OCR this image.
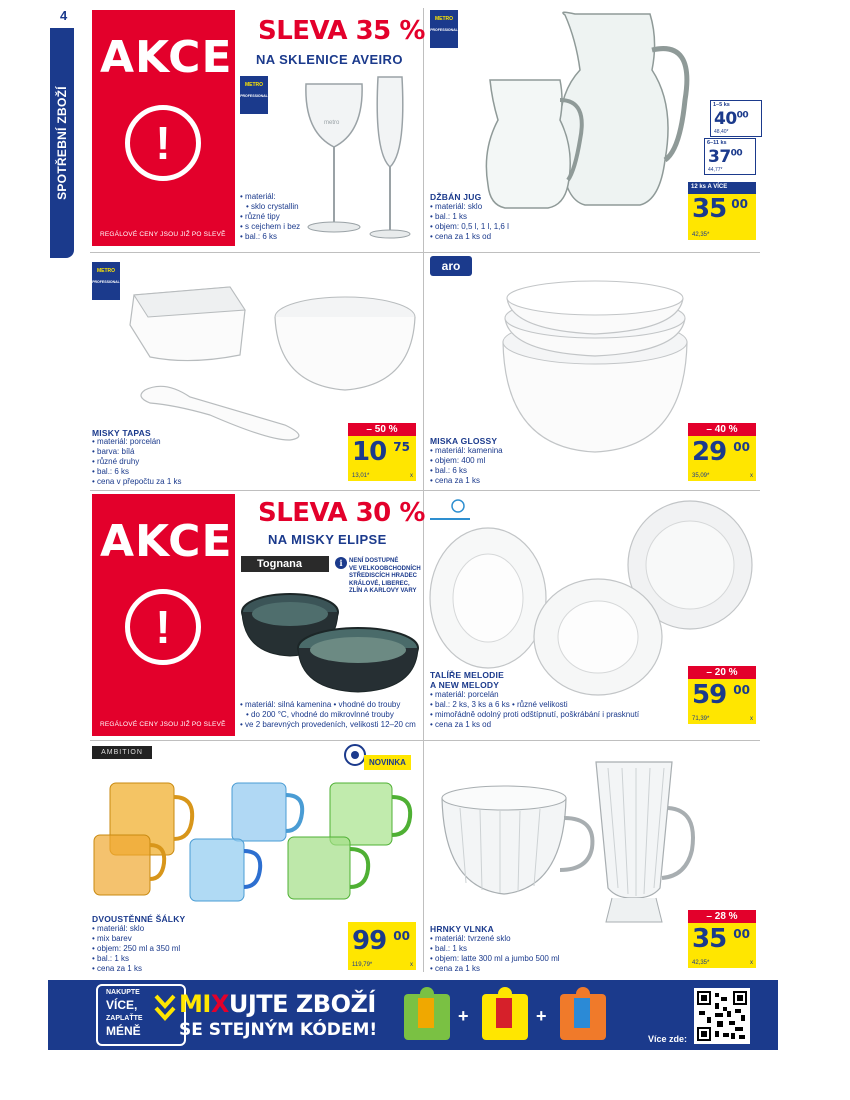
4
SPOTŘEBNÍ ZBOŽÍ
AKCE
!
REGÁLOVÉ CENY JSOU JIŽ PO SLEVĚ
SLEVA 35 %
NA SKLENICE AVEIRO
METRO
PROFESSIONAL
metro
• materiál:
• sklo crystallin
• různé tipy
• s cejchem i bez
• bal.: 6 ks
METRO
PROFESSIONAL
DŽBÁN JUG
• materiál: sklo
• bal.: 1 ks
• objem: 0,5 l, 1 l, 1,6 l
• cena za 1 ks od
1–5 ks
$40^{00}$
48,40*
6–11 ks
$37^{00}$
44,77*
12 ks A VÍCE
35 00
42,35*
METRO
PROFESSIONAL
MISKY TAPAS
• materiál: porcelán
• barva: bílá
• různé druhy
• bal.: 6 ks
• cena v přepočtu za 1 ks
– 50 %
10 75
13,01*	x
aro
MISKA GLOSSY
• materiál: kamenina
• objem: 400 ml
• bal.: 6 ks
• cena za 1 ks
– 40 %
29 00
35,09*	x
AKCE
!
REGÁLOVÉ CENY JSOU JIŽ PO SLEVĚ
SLEVA 30 %
NA MISKY ELIPSE
Tognana	i	NENÍ DOSTUPNÉ
VE VELKOOBCHODNÍCH
STŘEDISCÍCH HRADEC
KRÁLOVÉ, LIBEREC,
ZLÍN A KARLOVY VARY
• materiál: silná kamenina • vhodné do trouby
• do 200 °C, vhodné do mikrovlnné trouby
• ve 2 barevných provedeních, velikosti 12–20 cm
TALÍŘE MELODIE
A NEW MELODY
• materiál: porcelán
• bal.: 2 ks, 3 ks a 6 ks • různé velikosti
• mimořádně odolný proti odštípnutí, poškrábání i prasknutí
• cena za 1 ks od
– 20 %
59 00
71,39*	x
AMBITION
NOVINKA
DVOUSTĚNNÉ ŠÁLKY
• materiál: sklo
• mix barev
• objem: 250 ml a 350 ml
• bal.: 1 ks
• cena za 1 ks
99 00
119,79*	x
HRNKY VLNKA
• materiál: tvrzené sklo
• bal.: 1 ks
• objem: latte 300 ml a jumbo 500 ml
• cena za 1 ks
– 28 %
35 00
42,35*	x
NAKUPTE
VÍCE,
ZAPLAŤTE
MÉNĚ
MIXUJTE ZBOŽÍ
SE STEJNÝM KÓDEM!
+	+
Více zde:
